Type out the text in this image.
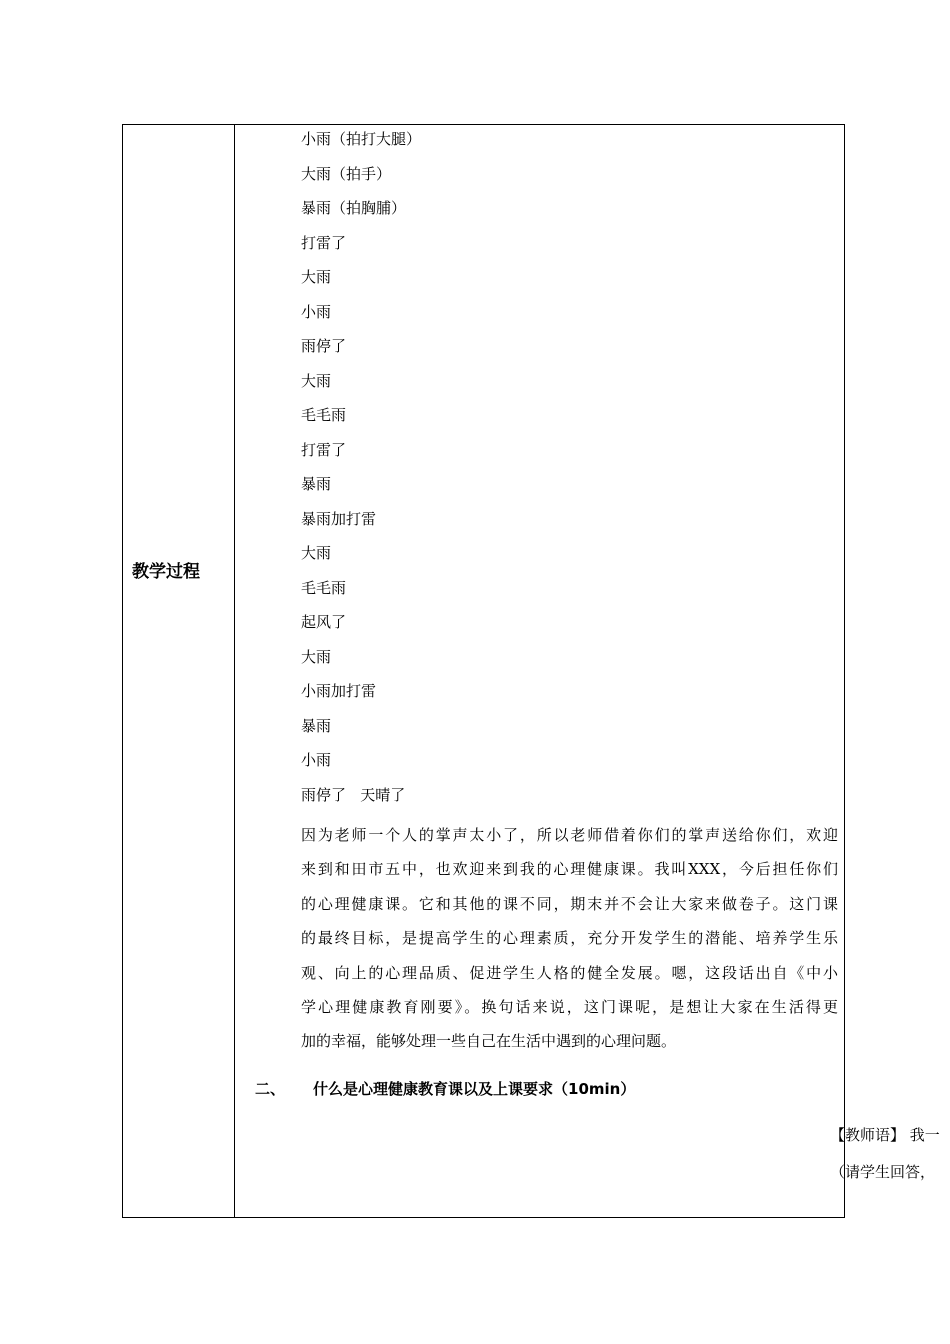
教学过程
小雨（拍打大腿）
大雨（拍手）
暴雨（拍胸脯）
打雷了
大雨
小雨
雨停了
大雨
毛毛雨
打雷了
暴雨
暴雨加打雷
大雨
毛毛雨
起风了
大雨
小雨加打雷
暴雨
小雨
雨停了   天晴了
因为老师一个人的掌声太小了，所以老师借着你们的掌声送给你们，欢迎
来到和田市五中，也欢迎来到我的心理健康课。我叫XXX，今后担任你们
的心理健康课。它和其他的课不同，期末并不会让大家来做卷子。这门课
的最终目标，是提高学生的心理素质，充分开发学生的潜能、培养学生乐
观、向上的心理品质、促进学生人格的健全发展。嗯，这段话出自《中小
学心理健康教育刚要》。换句话来说，这门课呢，是想让大家在生活得更
加的幸福，能够处理一些自己在生活中遇到的心理问题。
二、 什么是心理健康教育课以及上课要求（10min）
【教师语】 我一
（请学生回答，
